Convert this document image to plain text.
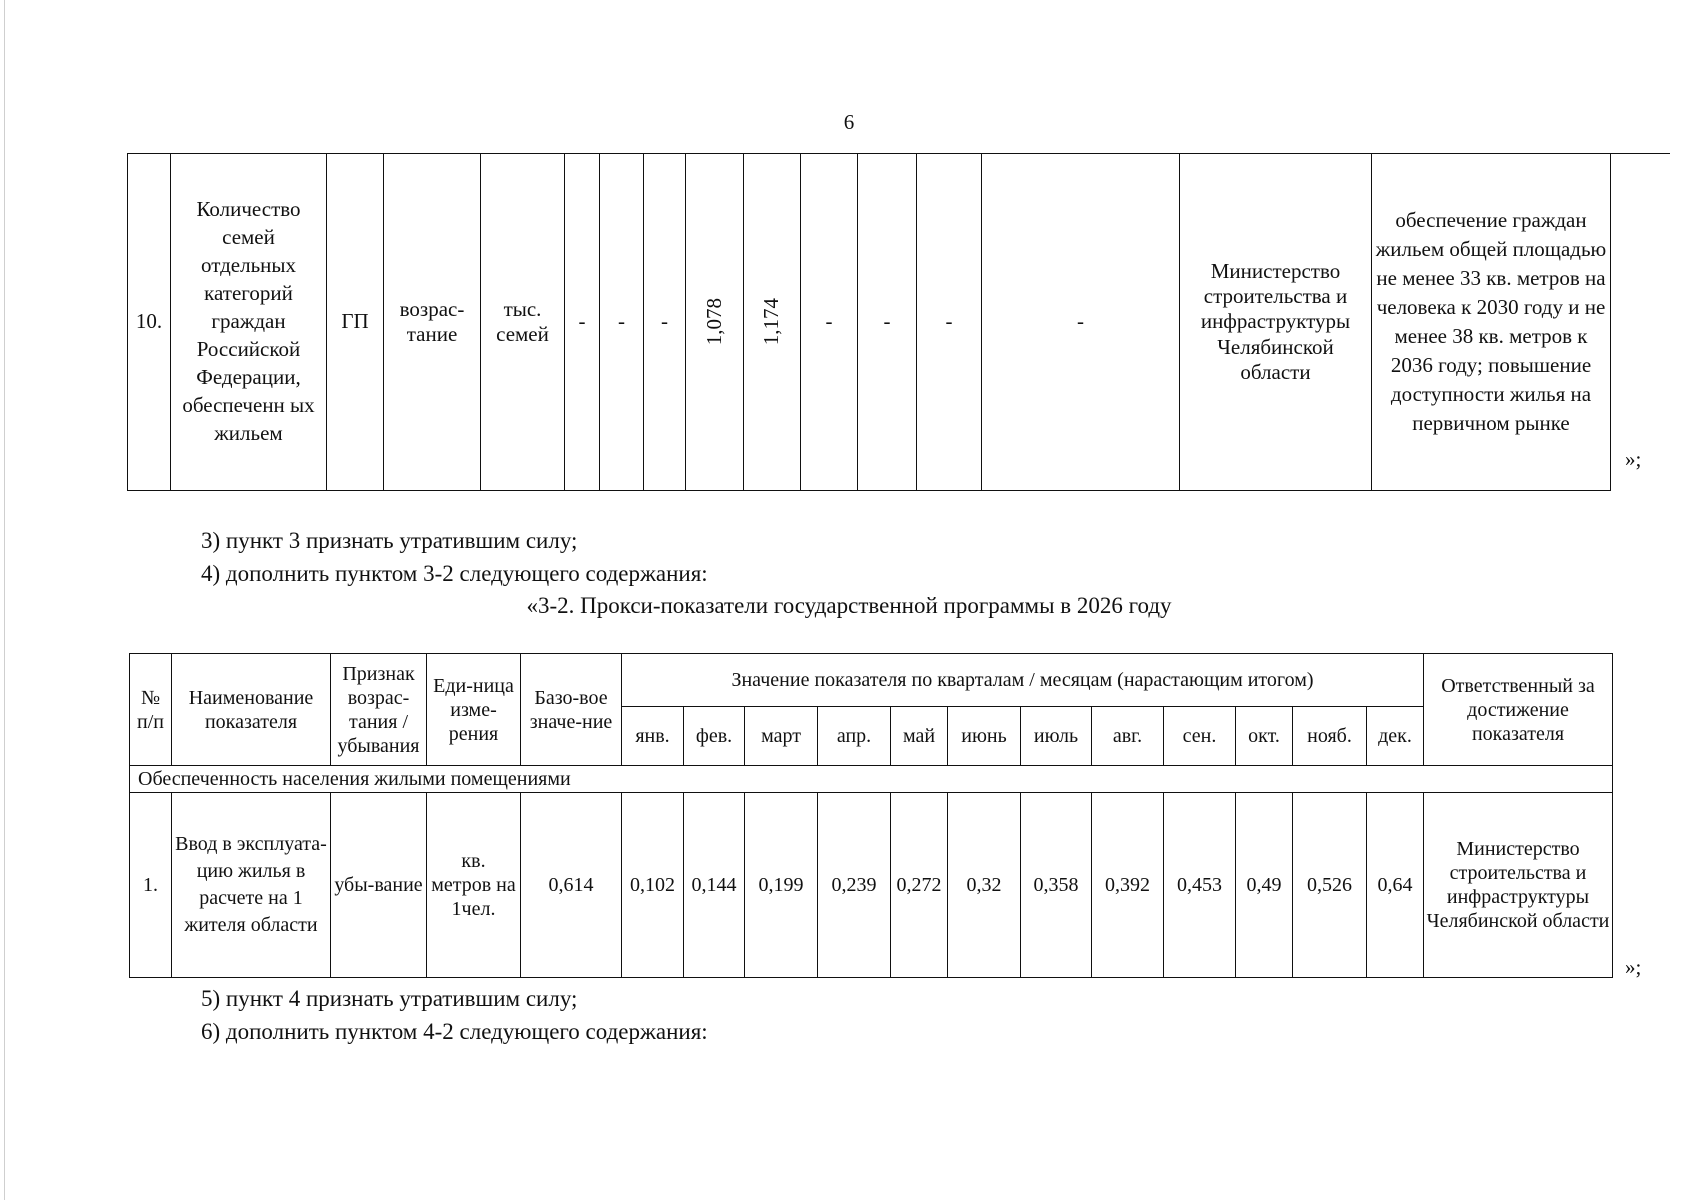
6
10.	Количество семей отдельных категорий граждан Российской Федерации, обеспеченн ых жильем	ГП	возрас-тание	тыс. семей	-	-	-	1,078	1,174	-	-	-	-	Министерство строительства и инфраструктуры Челябинской области	обеспечение граждан жильем общей площадью не менее 33 кв. метров на человека к 2030 году и не менее 38 кв. метров к 2036 году; повышение доступности жилья на первичном рынке
»;
3) пункт 3 признать утратившим силу;
4) дополнить пунктом 3-2 следующего содержания:
«3-2. Прокси-показатели государственной программы в 2026 году
№ п/п	Наименование показателя	Признак возрас-тания / убывания	Еди-ница изме-рения	Базо-вое значе-ние	Значение показателя по кварталам / месяцам (нарастающим итогом)												Ответственный за достижение показателя
					янв.	фев.	март	апр.	май	июнь	июль	авг.	сен.	окт.	нояб.	дек.	
Обеспеченность населения жилыми помещениями																	
1.	Ввод в эксплуата-цию жилья в расчете на 1 жителя области	убы-вание	кв. метров на 1чел.	0,614	0,102	0,144	0,199	0,239	0,272	0,32	0,358	0,392	0,453	0,49	0,526	0,64	Министерство строительства и инфраструктуры Челябинской области
»;
5) пункт 4 признать утратившим силу;
6) дополнить пунктом 4-2 следующего содержания:
